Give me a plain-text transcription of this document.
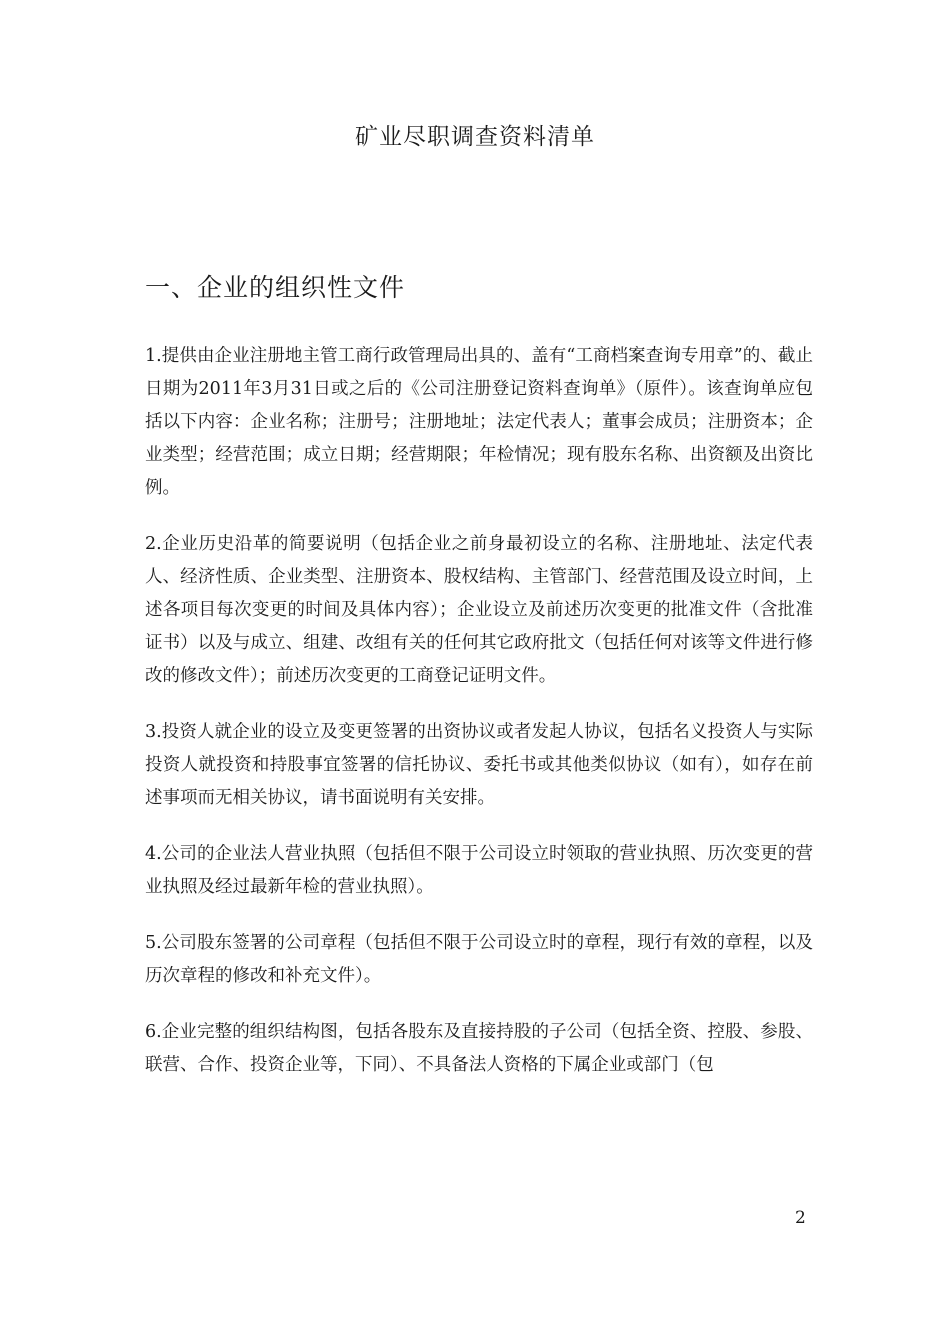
矿业尽职调查资料清单
一、企业的组织性文件

1.提供由企业注册地主管工商行政管理局出具的、盖有“工商档案查询专用章”的、截止日期为2011年3月31日或之后的《公司注册登记资料查询单》（原件）。该查询单应包括以下内容：企业名称；注册号；注册地址；法定代表人；董事会成员；注册资本；企业类型；经营范围；成立日期；经营期限；年检情况；现有股东名称、出资额及出资比例。

2.企业历史沿革的简要说明（包括企业之前身最初设立的名称、注册地址、法定代表人、经济性质、企业类型、注册资本、股权结构、主管部门、经营范围及设立时间，上述各项目每次变更的时间及具体内容）；企业设立及前述历次变更的批准文件（含批准证书）以及与成立、组建、改组有关的任何其它政府批文（包括任何对该等文件进行修改的修改文件）；前述历次变更的工商登记证明文件。

3.投资人就企业的设立及变更签署的出资协议或者发起人协议，包括名义投资人与实际投资人就投资和持股事宜签署的信托协议、委托书或其他类似协议（如有），如存在前述事项而无相关协议，请书面说明有关安排。

4.公司的企业法人营业执照（包括但不限于公司设立时领取的营业执照、历次变更的营业执照及经过最新年检的营业执照）。

5.公司股东签署的公司章程（包括但不限于公司设立时的章程，现行有效的章程，以及历次章程的修改和补充文件）。

6.企业完整的组织结构图，包括各股东及直接持股的子公司（包括全资、控股、参股、联营、合作、投资企业等，下同）、不具备法人资格的下属企业或部门（包

2
